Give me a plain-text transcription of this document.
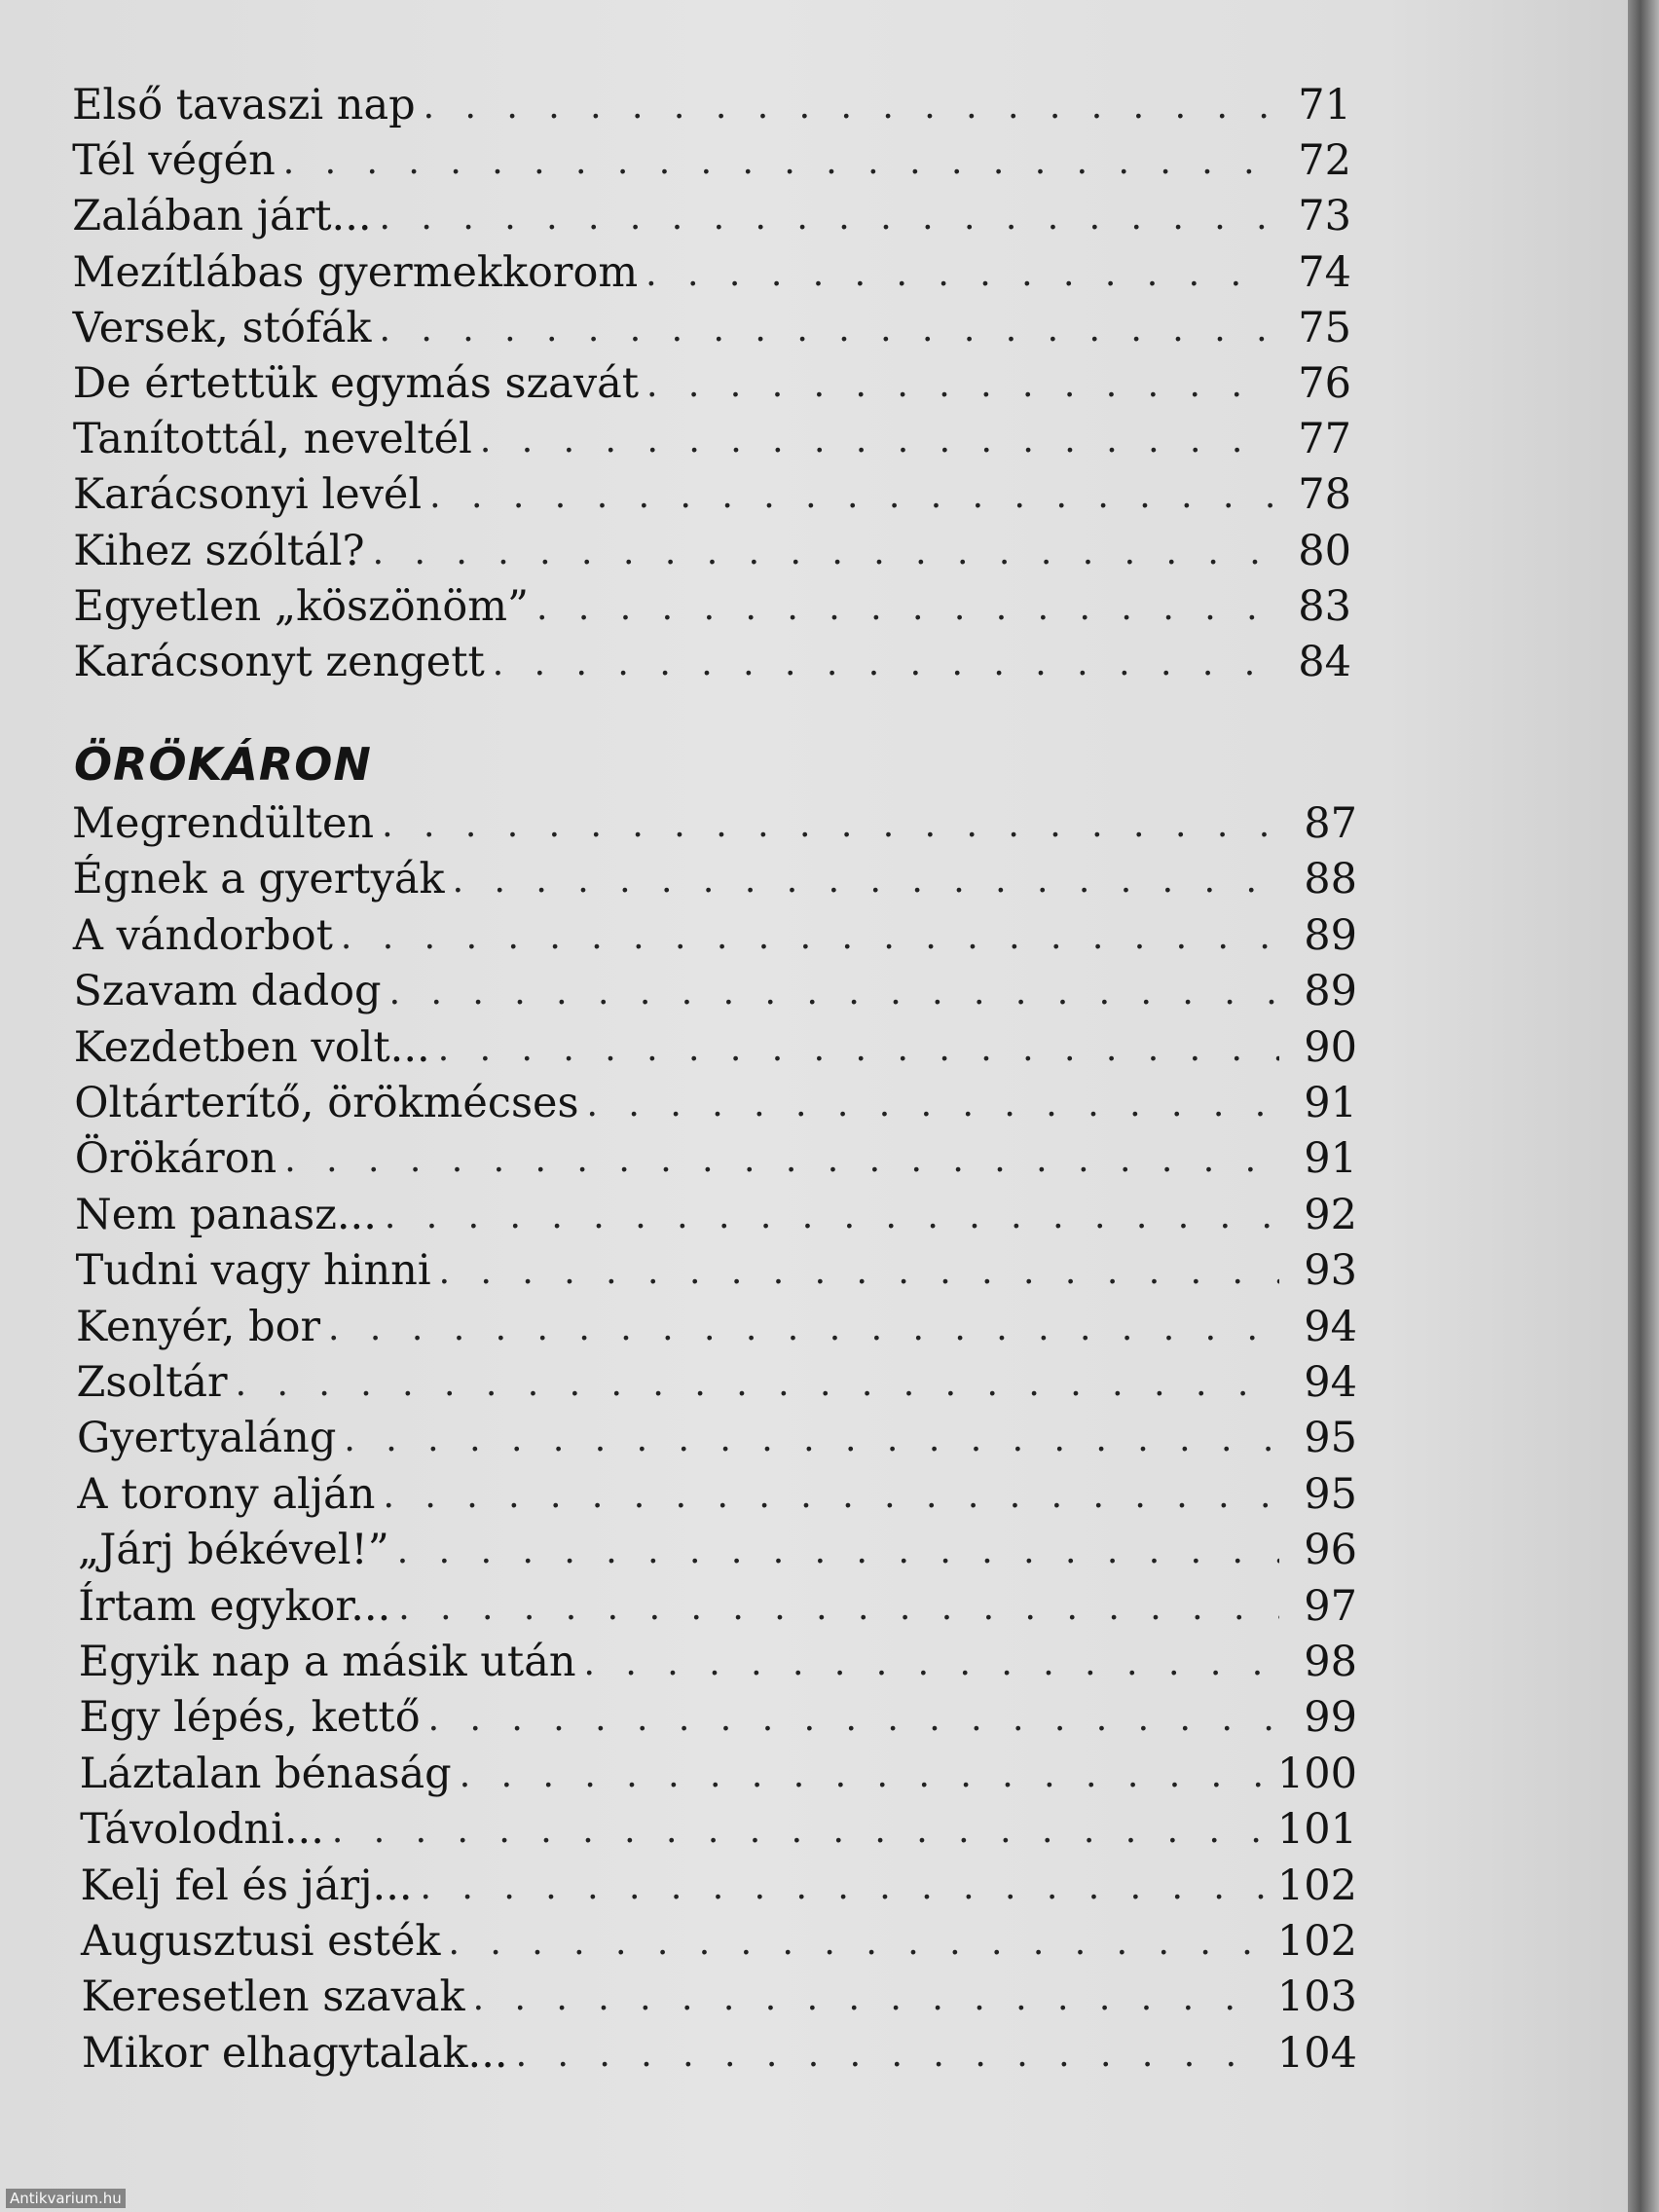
ÖRÖKÁRON
Első tavaszi nap . . .	71
Tél végén . . .	72
Zalában járt... . . .	73
Mezítlábas gyermekkorom . . .	74
Versek, stófák . . .	75
De értettük egymás szavát . . .	76
Tanítottál, neveltél . . .	77
Karácsonyi levél . . .	78
Kihez szóltál? . . .	80
Egyetlen „köszönöm” . . .	83
Karácsonyt zengett . . .	84
Megrendülten . . .	87
Égnek a gyertyák . . .	88
A vándorbot . . .	89
Szavam dadog . . .	89
Kezdetben volt... . . .	90
Oltárterítő, örökmécses . . .	91
Örökáron . . .	91
Nem panasz... . . .	92
Tudni vagy hinni . . .	93
Kenyér, bor . . .	94
Zsoltár . . .	94
Gyertyaláng . . .	95
A torony alján . . .	95
„Járj békével!” . . .	96
Írtam egykor... . . .	97
Egyik nap a másik után . . .	98
Egy lépés, kettő . . .	99
Láztalan bénaság . . .	100
Távolodni... . . .	101
Kelj fel és járj... . . .	102
Augusztusi esték . . .	102
Keresetlen szavak . . .	103
Mikor elhagytalak... . . .	104
Antikvarium.hu
